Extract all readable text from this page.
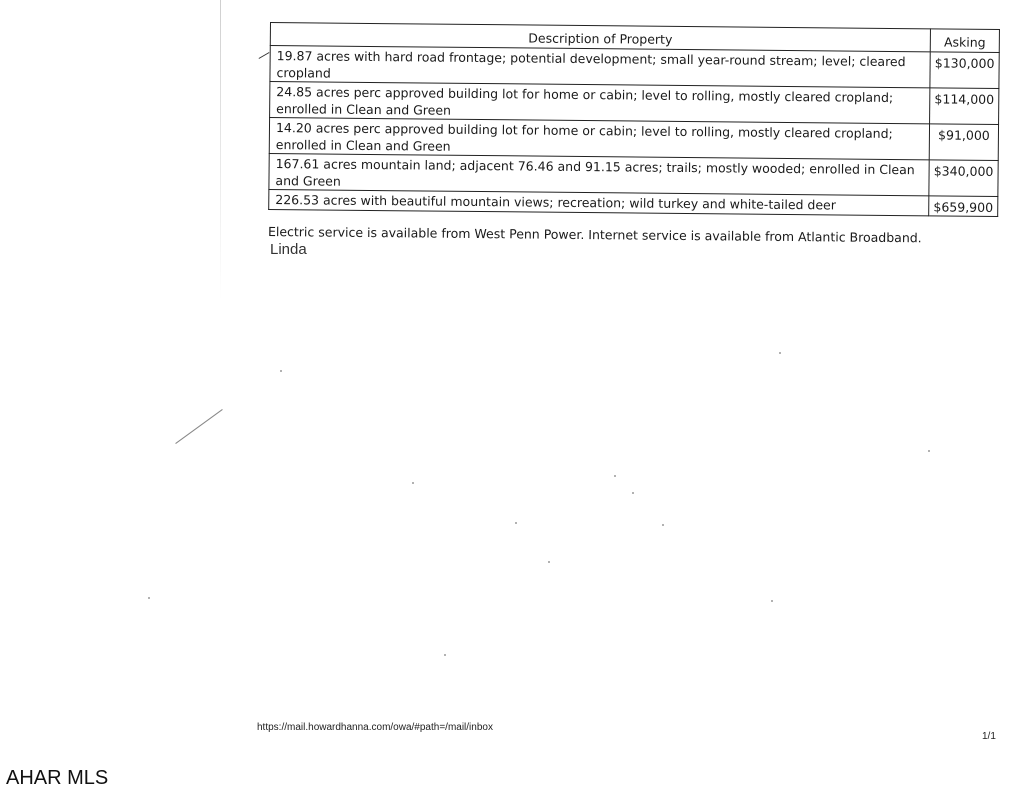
Description of Property	Asking
19.87 acres with hard road frontage; potential development; small year-round stream; level; cleared cropland	$130,000
24.85 acres perc approved building lot for home or cabin; level to rolling, mostly cleared cropland; enrolled in Clean and Green	$114,000
14.20 acres perc approved building lot for home or cabin; level to rolling, mostly cleared cropland; enrolled in Clean and Green	$91,000
167.61 acres mountain land; adjacent 76.46 and 91.15 acres; trails; mostly wooded; enrolled in Clean and Green	$340,000
226.53 acres with beautiful mountain views; recreation; wild turkey and white-tailed deer	$659,900

Electric service is available from West Penn Power. Internet service is available from Atlantic Broadband.

Linda
https://mail.howardhanna.com/owa/#path=/mail/inbox
1/1
AHAR MLS
